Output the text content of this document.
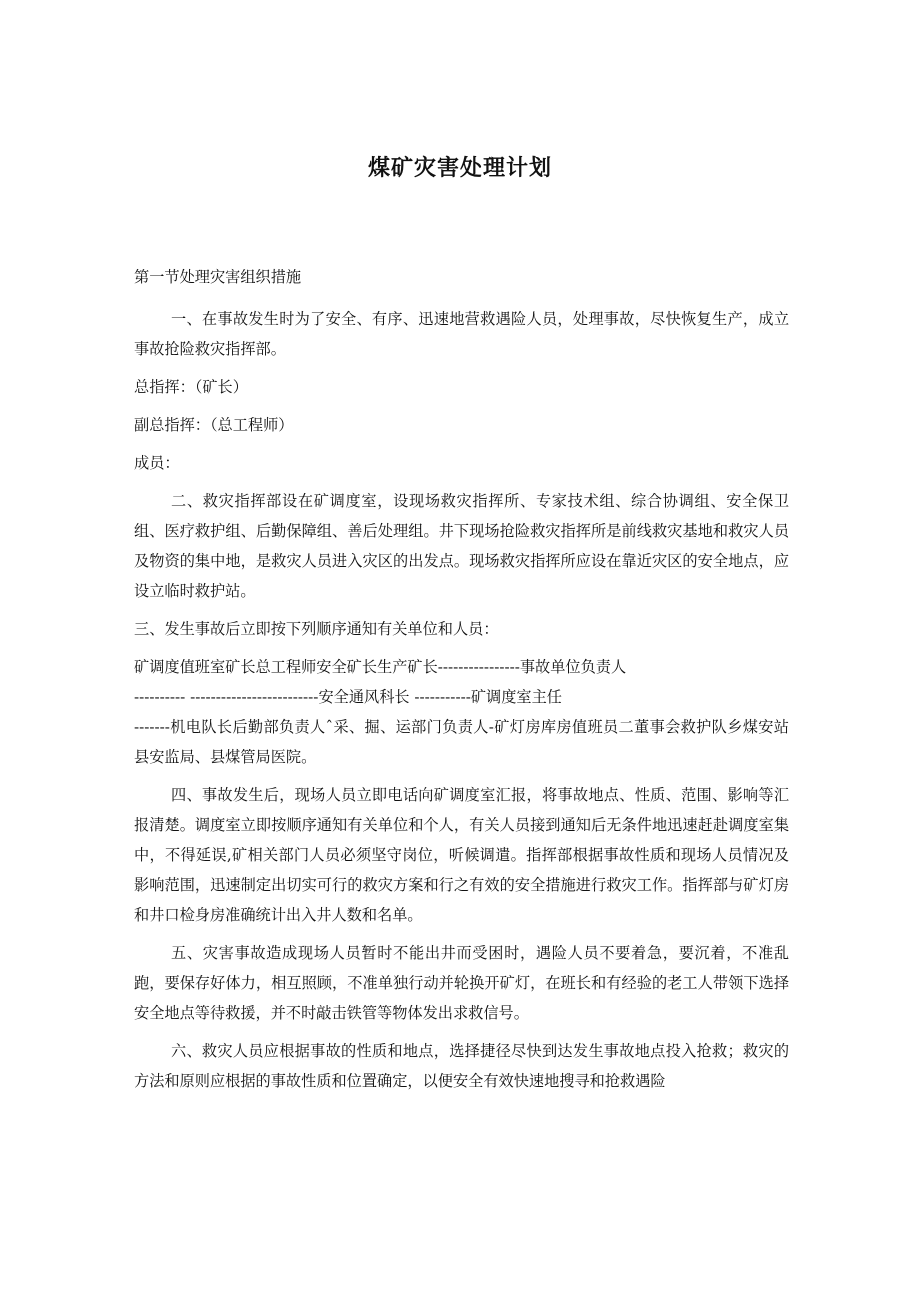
煤矿灾害处理计划

第一节处理灾害组织措施

一、在事故发生时为了安全、有序、迅速地营救遇险人员，处理事故，尽快恢复生产，成立事故抢险救灾指挥部。

总指挥：（矿长）

副总指挥：（总工程师）

成员：

二、救灾指挥部设在矿调度室，设现场救灾指挥所、专家技术组、综合协调组、安全保卫组、医疗救护组、后勤保障组、善后处理组。井下现场抢险救灾指挥所是前线救灾基地和救灾人员及物资的集中地，是救灾人员进入灾区的出发点。现场救灾指挥所应设在靠近灾区的安全地点，应设立临时救护站。

三、发生事故后立即按下列顺序通知有关单位和人员：

矿调度值班室矿长总工程师安全矿长生产矿长----------------事故单位负责人

---------- -------------------------安全通风科长 -----------矿调度室主任

-------机电队长后勤部负责人ˆ采、掘、运部门负责人-矿灯房库房值班员二董事会救护队乡煤安站县安监局、县煤管局医院。

四、事故发生后，现场人员立即电话向矿调度室汇报，将事故地点、性质、范围、影响等汇报清楚。调度室立即按顺序通知有关单位和个人，有关人员接到通知后无条件地迅速赶赴调度室集中，不得延误,矿相关部门人员必须坚守岗位，听候调遣。指挥部根据事故性质和现场人员情况及影响范围，迅速制定出切实可行的救灾方案和行之有效的安全措施进行救灾工作。指挥部与矿灯房和井口检身房准确统计出入井人数和名单。

五、灾害事故造成现场人员暂时不能出井而受困时，遇险人员不要着急，要沉着，不准乱跑，要保存好体力，相互照顾，不准单独行动并轮换开矿灯，在班长和有经验的老工人带领下选择安全地点等待救援，并不时敲击铁管等物体发出求救信号。

六、救灾人员应根据事故的性质和地点，选择捷径尽快到达发生事故地点投入抢救；救灾的方法和原则应根据的事故性质和位置确定，以便安全有效快速地搜寻和抢救遇险
